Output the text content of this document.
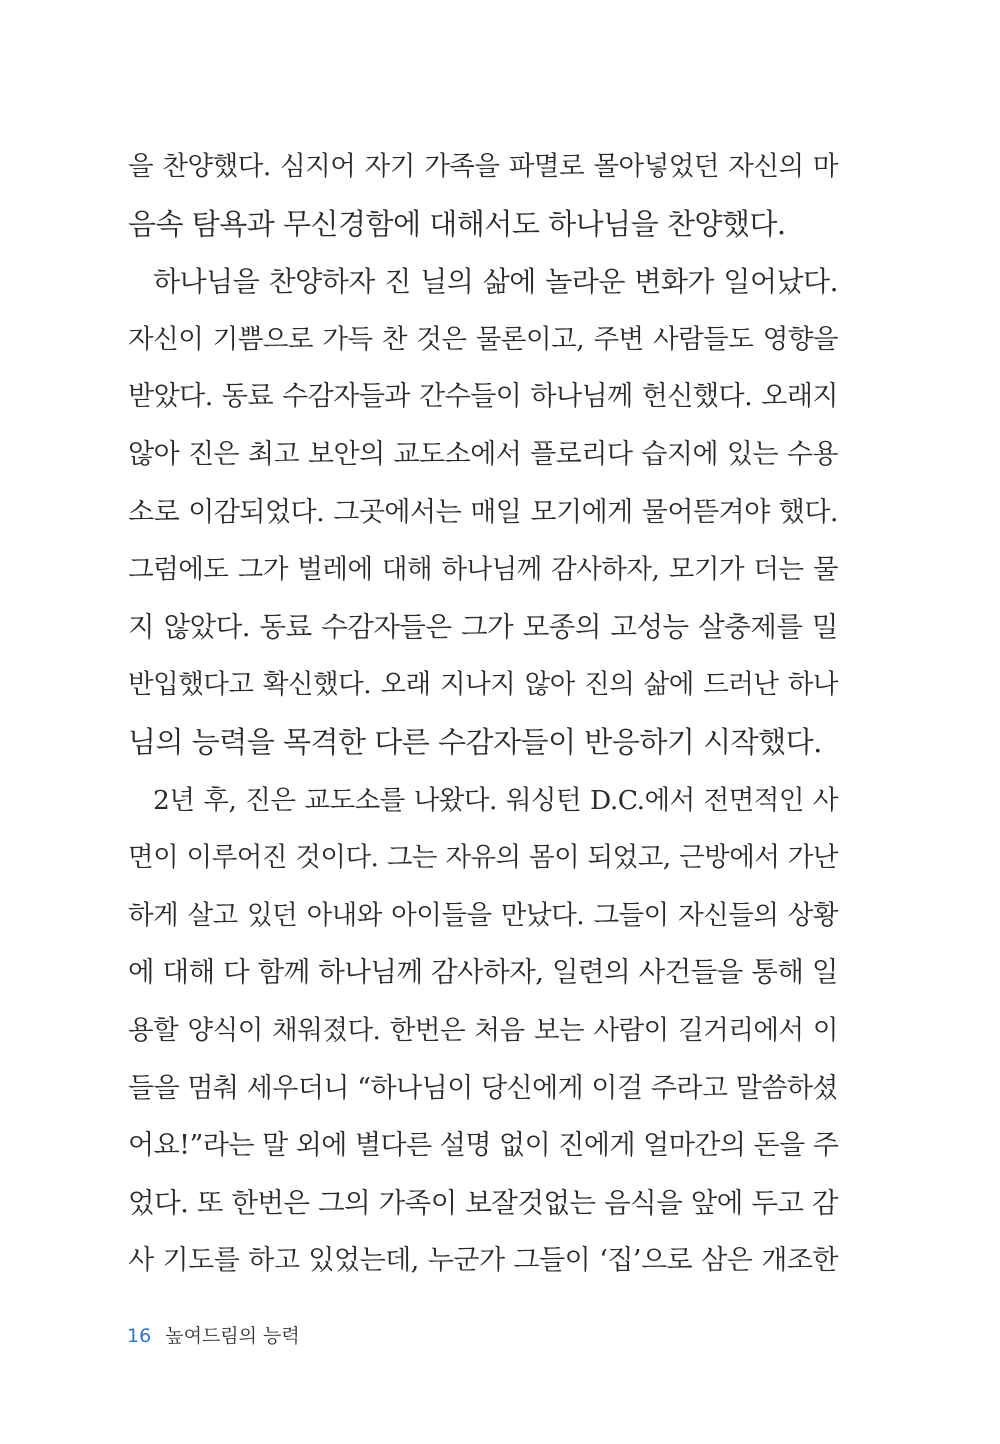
을 찬양했다. 심지어 자기 가족을 파멸로 몰아넣었던 자신의 마
음속 탐욕과 무신경함에 대해서도 하나님을 찬양했다.
하나님을 찬양하자 진 닐의 삶에 놀라운 변화가 일어났다.
자신이 기쁨으로 가득 찬 것은 물론이고, 주변 사람들도 영향을
받았다. 동료 수감자들과 간수들이 하나님께 헌신했다. 오래지
않아 진은 최고 보안의 교도소에서 플로리다 습지에 있는 수용
소로 이감되었다. 그곳에서는 매일 모기에게 물어뜯겨야 했다.
그럼에도 그가 벌레에 대해 하나님께 감사하자, 모기가 더는 물
지 않았다. 동료 수감자들은 그가 모종의 고성능 살충제를 밀
반입했다고 확신했다. 오래 지나지 않아 진의 삶에 드러난 하나
님의 능력을 목격한 다른 수감자들이 반응하기 시작했다.
2년 후, 진은 교도소를 나왔다. 워싱턴 D.C.에서 전면적인 사
면이 이루어진 것이다. 그는 자유의 몸이 되었고, 근방에서 가난
하게 살고 있던 아내와 아이들을 만났다. 그들이 자신들의 상황
에 대해 다 함께 하나님께 감사하자, 일련의 사건들을 통해 일
용할 양식이 채워졌다. 한번은 처음 보는 사람이 길거리에서 이
들을 멈춰 세우더니 “하나님이 당신에게 이걸 주라고 말씀하셨
어요!”라는 말 외에 별다른 설명 없이 진에게 얼마간의 돈을 주
었다. 또 한번은 그의 가족이 보잘것없는 음식을 앞에 두고 감
사 기도를 하고 있었는데, 누군가 그들이 ‘집’으로 삼은 개조한
16 높여드림의 능력
